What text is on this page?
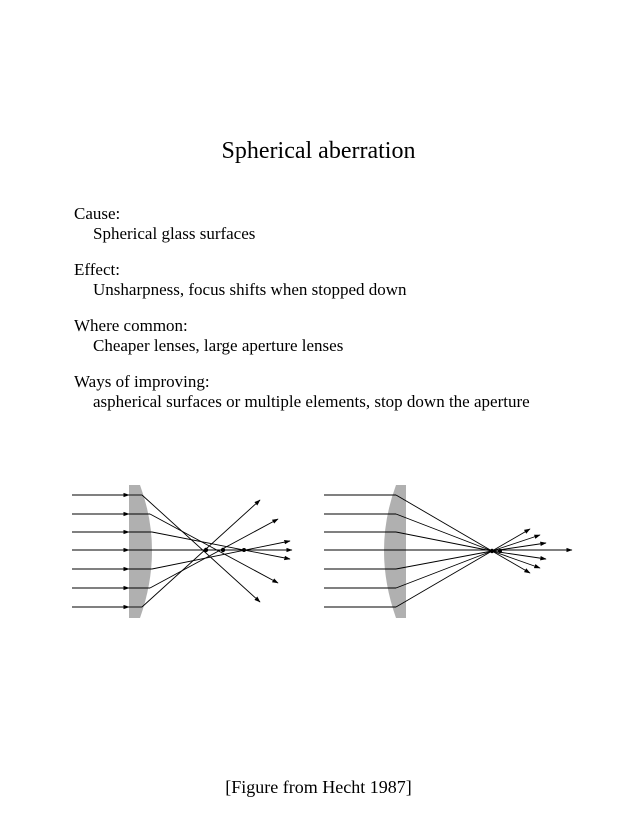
Spherical aberration
Cause:
Spherical glass surfaces
Effect:
Unsharpness, focus shifts when stopped down
Where common:
Cheaper lenses, large aperture lenses
Ways of improving:
aspherical surfaces or multiple elements, stop down the aperture
[Figure from Hecht 1987]
